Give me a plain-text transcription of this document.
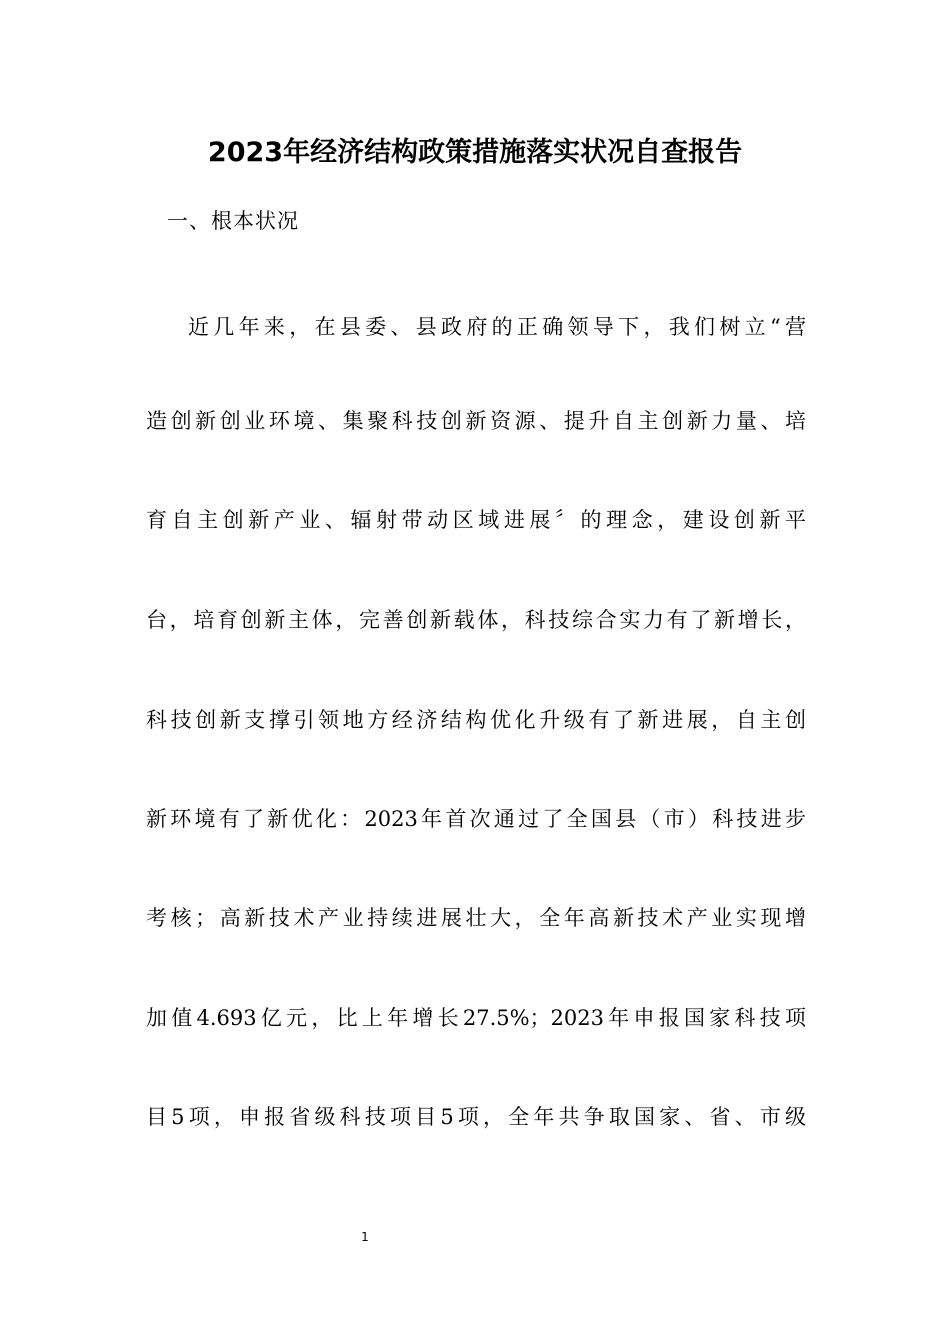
2023年经济结构政策措施落实状况自查报告

一、根本状况

近几年来，在县委、县政府的正确领导下，我们树立“营

造创新创业环境、集聚科技创新资源、提升自主创新力量、培

育自主创新产业、辐射带动区域进展〞的理念，建设创新平

台，培育创新主体，完善创新载体，科技综合实力有了新增长，

科技创新支撑引领地方经济结构优化升级有了新进展，自主创

新环境有了新优化：2023年首次通过了全国县（市）科技进步

考核；高新技术产业持续进展壮大，全年高新技术产业实现增

加值4.693亿元，比上年增长27.5%；2023年申报国家科技项

目5项，申报省级科技项目5项，全年共争取国家、省、市级

1
